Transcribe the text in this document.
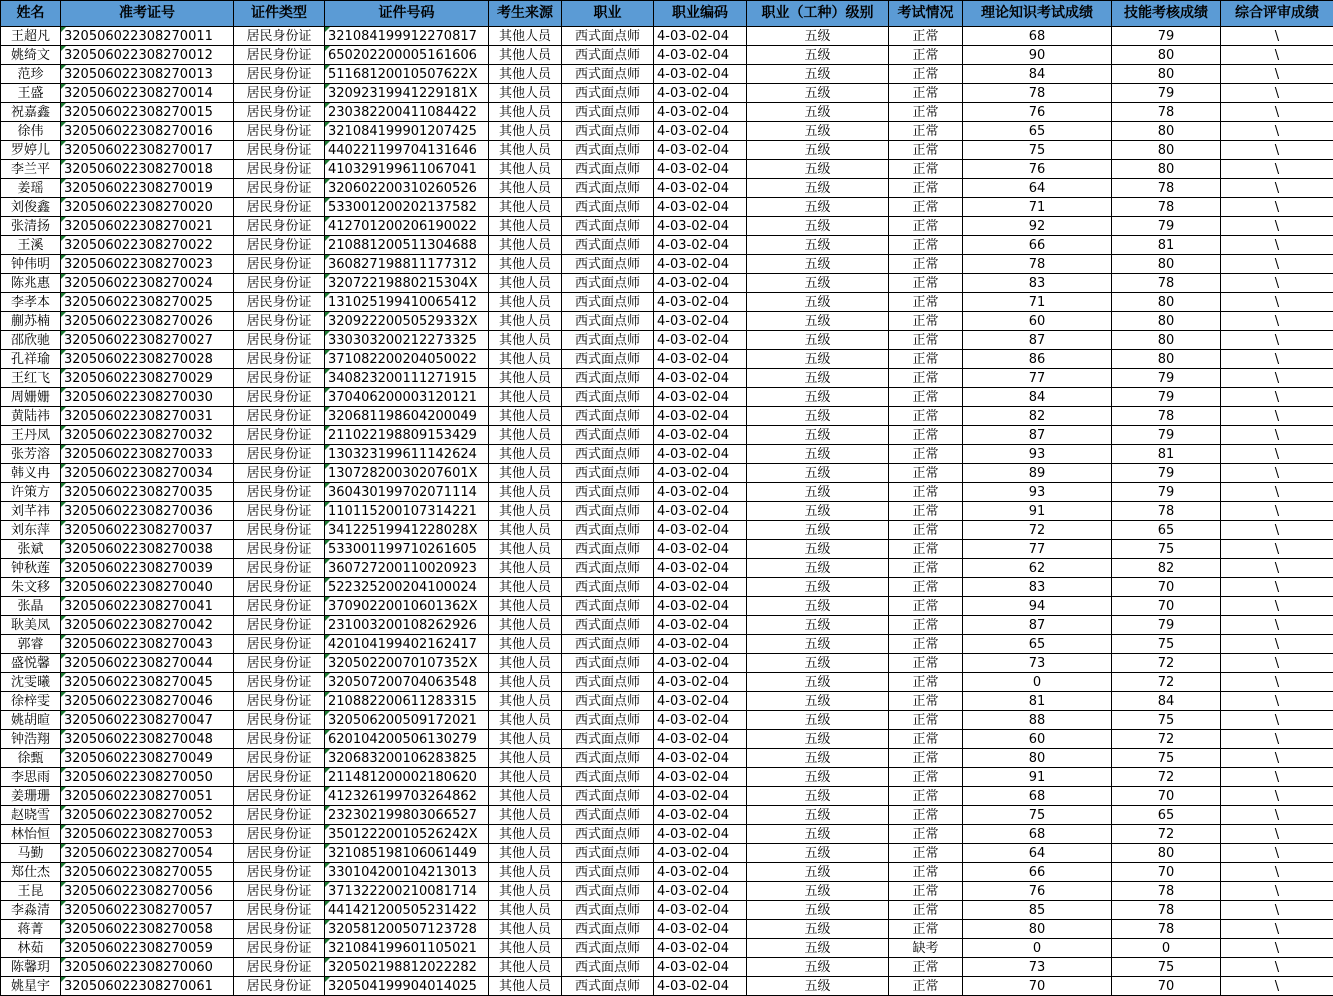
姓名	准考证号	证件类型	证件号码	考生来源	职业	职业编码	职业（工种）级别	考试情况	理论知识考试成绩	技能考核成绩	综合评审成绩
王超凡	320506022308270011	居民身份证	321084199912270817	其他人员	西式面点师	4-03-02-04	五级	正常	68	79	\
姚绮文	320506022308270012	居民身份证	650202200005161606	其他人员	西式面点师	4-03-02-04	五级	正常	90	80	\
范珍	320506022308270013	居民身份证	51168120010507622X	其他人员	西式面点师	4-03-02-04	五级	正常	84	80	\
王盛	320506022308270014	居民身份证	32092319941229181X	其他人员	西式面点师	4-03-02-04	五级	正常	78	79	\
祝嘉鑫	320506022308270015	居民身份证	230382200411084422	其他人员	西式面点师	4-03-02-04	五级	正常	76	78	\
徐伟	320506022308270016	居民身份证	321084199901207425	其他人员	西式面点师	4-03-02-04	五级	正常	65	80	\
罗婷儿	320506022308270017	居民身份证	440221199704131646	其他人员	西式面点师	4-03-02-04	五级	正常	75	80	\
李兰平	320506022308270018	居民身份证	410329199611067041	其他人员	西式面点师	4-03-02-04	五级	正常	76	80	\
姜瑶	320506022308270019	居民身份证	320602200310260526	其他人员	西式面点师	4-03-02-04	五级	正常	64	78	\
刘俊鑫	320506022308270020	居民身份证	533001200202137582	其他人员	西式面点师	4-03-02-04	五级	正常	71	78	\
张清扬	320506022308270021	居民身份证	412701200206190022	其他人员	西式面点师	4-03-02-04	五级	正常	92	79	\
王溪	320506022308270022	居民身份证	210881200511304688	其他人员	西式面点师	4-03-02-04	五级	正常	66	81	\
钟伟明	320506022308270023	居民身份证	360827198811177312	其他人员	西式面点师	4-03-02-04	五级	正常	78	80	\
陈兆惠	320506022308270024	居民身份证	32072219880215304X	其他人员	西式面点师	4-03-02-04	五级	正常	83	78	\
李孝本	320506022308270025	居民身份证	131025199410065412	其他人员	西式面点师	4-03-02-04	五级	正常	71	80	\
蒯苏楠	320506022308270026	居民身份证	32092220050529332X	其他人员	西式面点师	4-03-02-04	五级	正常	60	80	\
邵欣驰	320506022308270027	居民身份证	330303200212273325	其他人员	西式面点师	4-03-02-04	五级	正常	87	80	\
孔祥瑜	320506022308270028	居民身份证	371082200204050022	其他人员	西式面点师	4-03-02-04	五级	正常	86	80	\
王红飞	320506022308270029	居民身份证	340823200111271915	其他人员	西式面点师	4-03-02-04	五级	正常	77	79	\
周姗姗	320506022308270030	居民身份证	370406200003120121	其他人员	西式面点师	4-03-02-04	五级	正常	84	79	\
黄陆祎	320506022308270031	居民身份证	320681198604200049	其他人员	西式面点师	4-03-02-04	五级	正常	82	78	\
王丹凤	320506022308270032	居民身份证	211022198809153429	其他人员	西式面点师	4-03-02-04	五级	正常	87	79	\
张芳溶	320506022308270033	居民身份证	130323199611142624	其他人员	西式面点师	4-03-02-04	五级	正常	93	81	\
韩义冉	320506022308270034	居民身份证	13072820030207601X	其他人员	西式面点师	4-03-02-04	五级	正常	89	79	\
许策方	320506022308270035	居民身份证	360430199702071114	其他人员	西式面点师	4-03-02-04	五级	正常	93	79	\
刘芊祎	320506022308270036	居民身份证	110115200107314221	其他人员	西式面点师	4-03-02-04	五级	正常	91	78	\
刘东萍	320506022308270037	居民身份证	34122519941228028X	其他人员	西式面点师	4-03-02-04	五级	正常	72	65	\
张斌	320506022308270038	居民身份证	533001199710261605	其他人员	西式面点师	4-03-02-04	五级	正常	77	75	\
钟秋莲	320506022308270039	居民身份证	360727200110020923	其他人员	西式面点师	4-03-02-04	五级	正常	62	82	\
朱文移	320506022308270040	居民身份证	522325200204100024	其他人员	西式面点师	4-03-02-04	五级	正常	83	70	\
张晶	320506022308270041	居民身份证	37090220010601362X	其他人员	西式面点师	4-03-02-04	五级	正常	94	70	\
耿美凤	320506022308270042	居民身份证	231003200108262926	其他人员	西式面点师	4-03-02-04	五级	正常	87	79	\
郭睿	320506022308270043	居民身份证	420104199402162417	其他人员	西式面点师	4-03-02-04	五级	正常	65	75	\
盛悦馨	320506022308270044	居民身份证	32050220070107352X	其他人员	西式面点师	4-03-02-04	五级	正常	73	72	\
沈雯曦	320506022308270045	居民身份证	320507200704063548	其他人员	西式面点师	4-03-02-04	五级	正常	0	72	\
徐梓雯	320506022308270046	居民身份证	210882200611283315	其他人员	西式面点师	4-03-02-04	五级	正常	81	84	\
姚胡暄	320506022308270047	居民身份证	320506200509172021	其他人员	西式面点师	4-03-02-04	五级	正常	88	75	\
钟浩翔	320506022308270048	居民身份证	620104200506130279	其他人员	西式面点师	4-03-02-04	五级	正常	60	72	\
徐甄	320506022308270049	居民身份证	320683200106283825	其他人员	西式面点师	4-03-02-04	五级	正常	80	75	\
李思雨	320506022308270050	居民身份证	211481200002180620	其他人员	西式面点师	4-03-02-04	五级	正常	91	72	\
姜珊珊	320506022308270051	居民身份证	412326199703264862	其他人员	西式面点师	4-03-02-04	五级	正常	68	70	\
赵晓雪	320506022308270052	居民身份证	232302199803066527	其他人员	西式面点师	4-03-02-04	五级	正常	75	65	\
林怡恒	320506022308270053	居民身份证	35012220010526242X	其他人员	西式面点师	4-03-02-04	五级	正常	68	72	\
马勤	320506022308270054	居民身份证	321085198106061449	其他人员	西式面点师	4-03-02-04	五级	正常	64	80	\
郑仕杰	320506022308270055	居民身份证	330104200104213013	其他人员	西式面点师	4-03-02-04	五级	正常	66	70	\
王昆	320506022308270056	居民身份证	371322200210081714	其他人员	西式面点师	4-03-02-04	五级	正常	76	78	\
李淼清	320506022308270057	居民身份证	441421200505231422	其他人员	西式面点师	4-03-02-04	五级	正常	85	78	\
蒋菁	320506022308270058	居民身份证	320581200507123728	其他人员	西式面点师	4-03-02-04	五级	正常	80	78	\
林茹	320506022308270059	居民身份证	321084199601105021	其他人员	西式面点师	4-03-02-04	五级	缺考	0	0	\
陈馨玥	320506022308270060	居民身份证	320502198812022282	其他人员	西式面点师	4-03-02-04	五级	正常	73	75	\
姚星宇	320506022308270061	居民身份证	320504199904014025	其他人员	西式面点师	4-03-02-04	五级	正常	70	70	\
